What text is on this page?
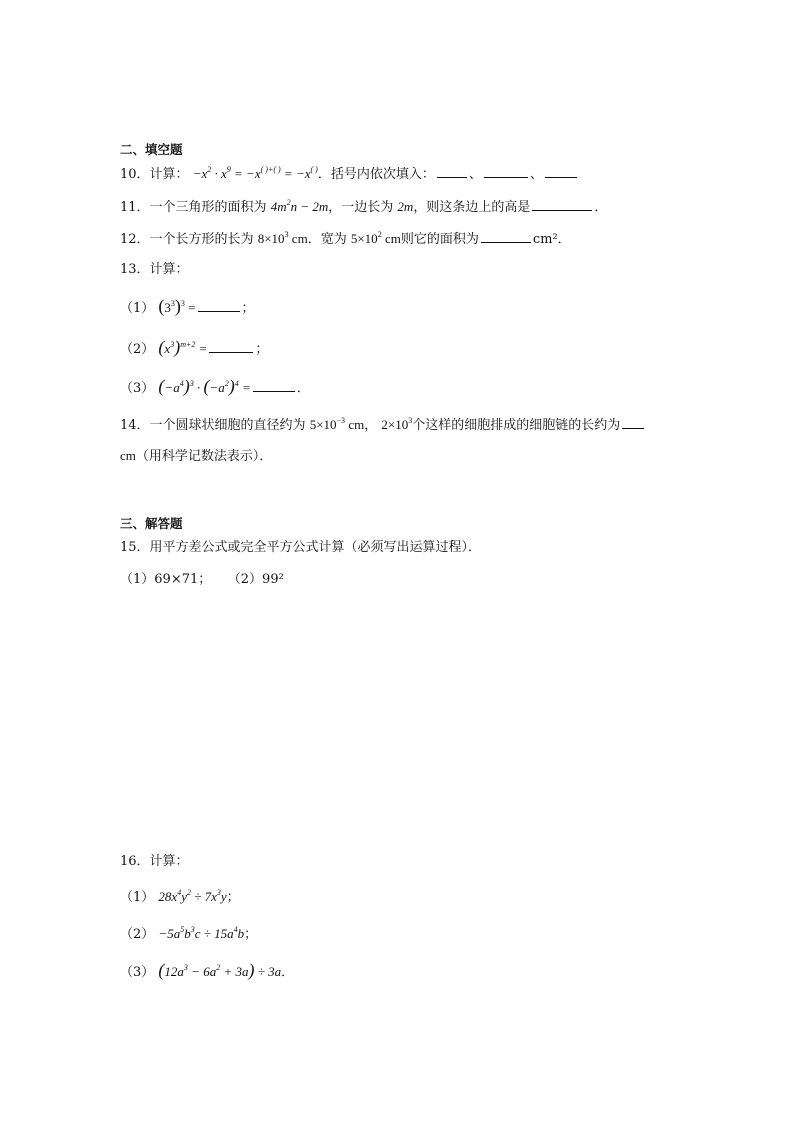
二、填空题
10．计算： $-x^2 \cdot x^9 = -x^{( )+( )} = -x^{( )}$．括号内依次填入：	、	、
11．一个三角形的面积为 $4m^2n - 2m$，一边长为 2m，则这条边上的高是	．
12．一个长方形的长为 $8\times 10^3$ cm．宽为 $5\times 10^2$ cm则它的面积为	cm²．
13．计算：
（1） $(3^3)^3$ =	；
（2） $(x^3)^{m+2}$ =	；
（3） $(-a^4)^3 \cdot (-a^2)^4$ =	．
14．一个圆球状细胞的直径约为 $5\times 10^{-3}$ cm， $2\times 10^3$个这样的细胞排成的细胞链的长约为
cm（用科学记数法表示）．
三、解答题
15．用平方差公式或完全平方公式计算（必须写出运算过程）．
（1）69×71； （2）99²
16．计算：
（1） $28x^4y^2 \div 7x^3y$；
$(2) -5a^5b^3c \div 15a^4b$；
（3） $(12a^3 - 6a^2 + 3a) \div 3a$．
